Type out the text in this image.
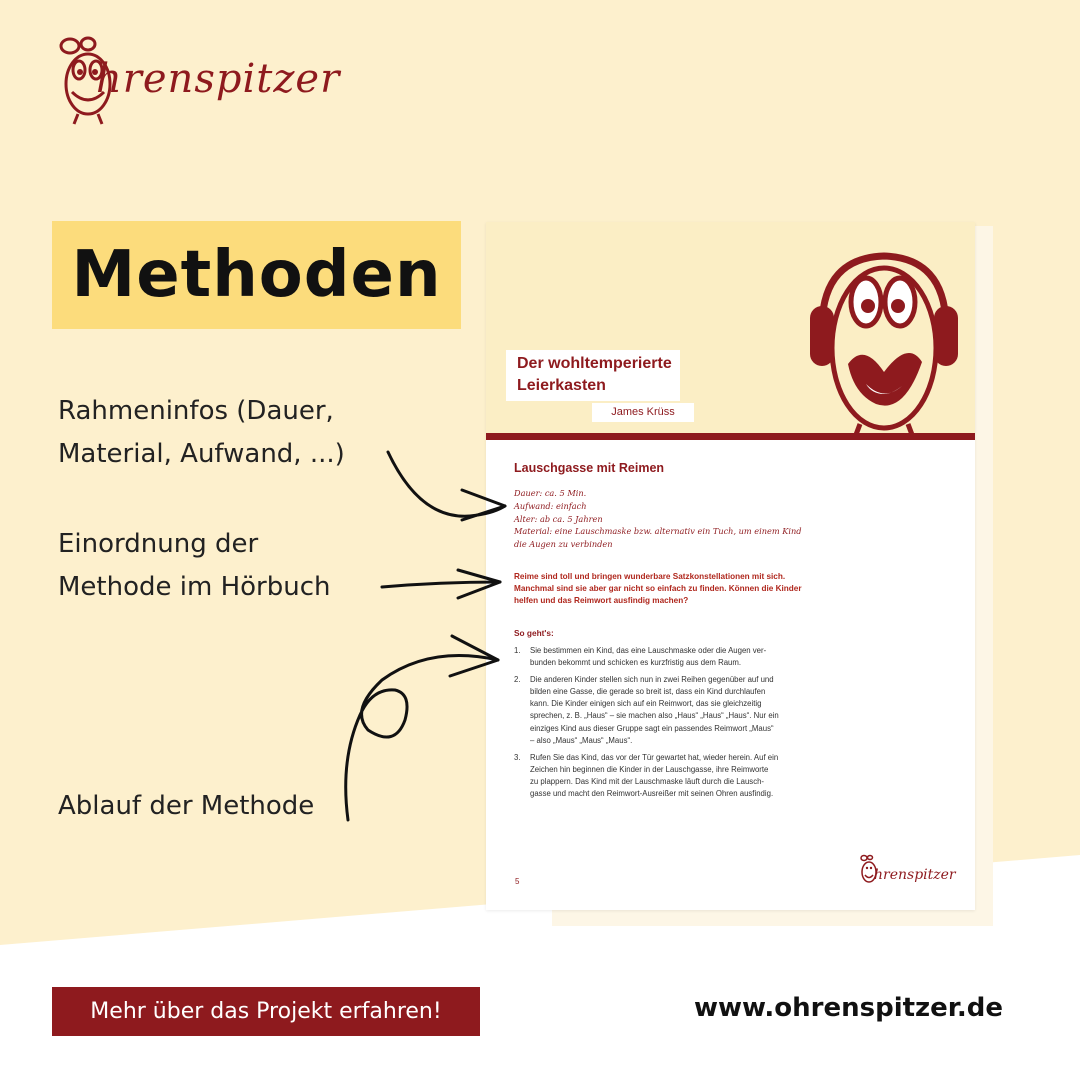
hrenspitzer
Methoden
Rahmeninfos (Dauer,
Material, Aufwand, ...)
Einordnung der
Methode im Hörbuch
Ablauf der Methode
Der wohltemperierte
Leierkasten
James Krüss
Lauschgasse mit Reimen
Dauer: ca. 5 Min.
Aufwand: einfach
Alter: ab ca. 5 Jahren
Material: eine Lauschmaske bzw. alternativ ein Tuch, um einem Kind
die Augen zu verbinden
Reime sind toll und bringen wunderbare Satzkonstellationen mit sich.
Manchmal sind sie aber gar nicht so einfach zu finden. Können die Kinder
helfen und das Reimwort ausfindig machen?
So geht's:
1. Sie bestimmen ein Kind, das eine Lauschmaske oder die Augen ver-
bunden bekommt und schicken es kurzfristig aus dem Raum.
2. Die anderen Kinder stellen sich nun in zwei Reihen gegenüber auf und
bilden eine Gasse, die gerade so breit ist, dass ein Kind durchlaufen
kann. Die Kinder einigen sich auf ein Reimwort, das sie gleichzeitig
sprechen, z. B. „Haus“ – sie machen also „Haus“ „Haus“ „Haus“. Nur ein
einziges Kind aus dieser Gruppe sagt ein passendes Reimwort „Maus“
– also „Maus“ „Maus“ „Maus“.
3. Rufen Sie das Kind, das vor der Tür gewartet hat, wieder herein. Auf ein
Zeichen hin beginnen die Kinder in der Lauschgasse, ihre Reimworte
zu plappern. Das Kind mit der Lauschmaske läuft durch die Lausch-
gasse und macht den Reimwort-Ausreißer mit seinen Ohren ausfindig.
5	hrenspitzer
Mehr über das Projekt erfahren!	www.ohrenspitzer.de
